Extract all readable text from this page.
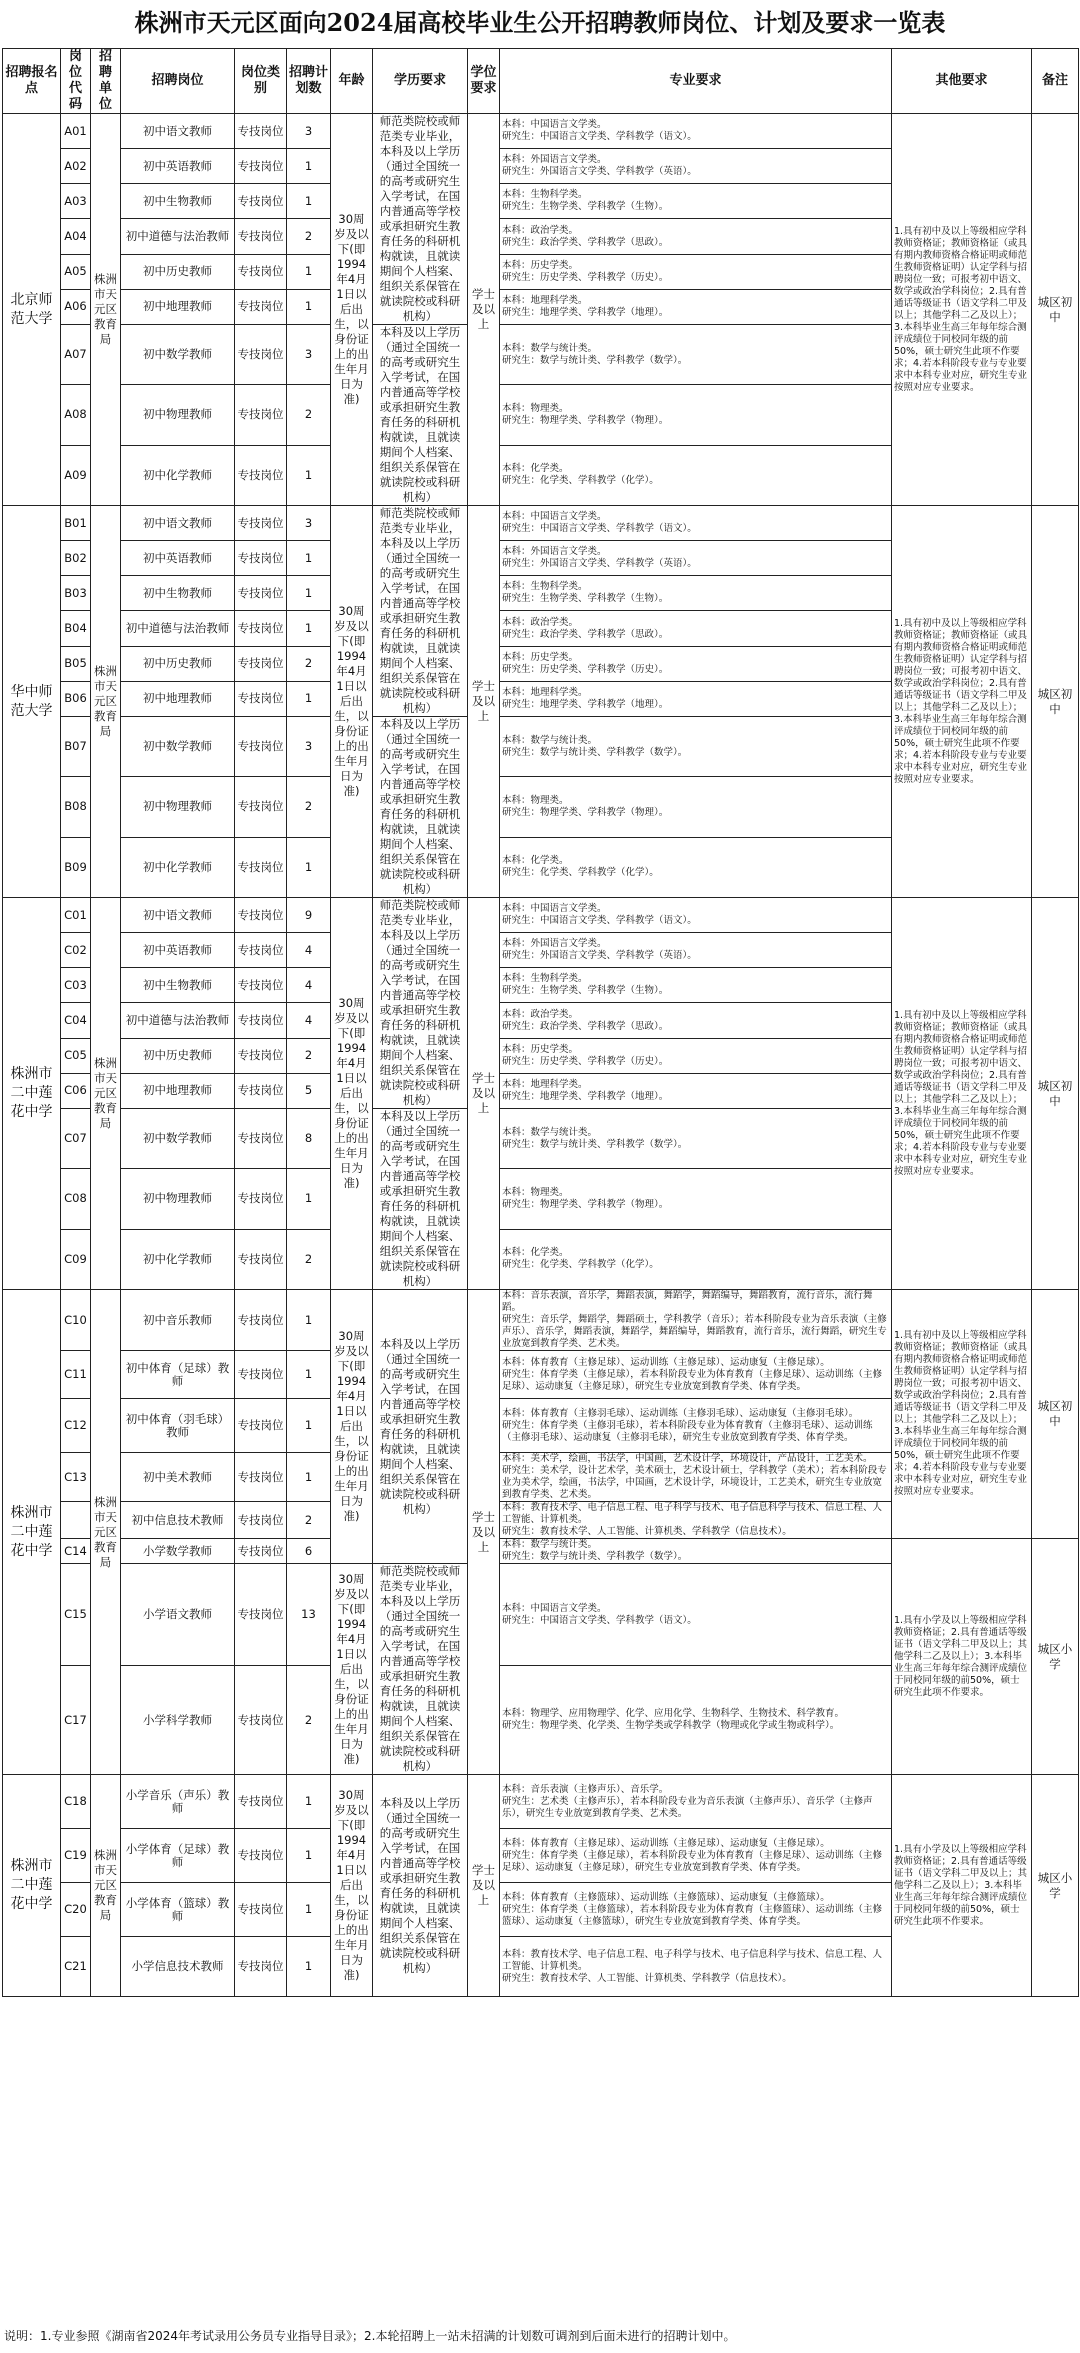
株洲市天元区面向2024届高校毕业生公开招聘教师岗位、计划及要求一览表
招聘报名点	岗位代码	招聘单位	招聘岗位	岗位类别	招聘计划数	年龄	学历要求	学位要求	专业要求	其他要求	备注
北京师范大学	A01	株洲市天元区教育局	初中语文教师	专技岗位	3	30周岁及以下(即1994年4月1日以后出生，以身份证上的出生年月日为准)	师范类院校或师范类专业毕业，本科及以上学历（通过全国统一的高考或研究生入学考试，在国内普通高等学校或承担研究生教育任务的科研机构就读，且就读期间个人档案、组织关系保管在就读院校或科研机构）	学士及以上	本科：中国语言文学类。
研究生：中国语言文学类、学科教学（语文）。	1.具有初中及以上等级相应学科教师资格证；教师资格证（或具有期内教师资格合格证明或师范生教师资格证明）认定学科与招聘岗位一致；可报考初中语文、数学或政治学科岗位；2.具有普通话等级证书（语文学科二甲及以上；其他学科二乙及以上）；3.本科毕业生高三年每年综合测评成绩位于同校同年级的前50%，硕士研究生此项不作要求；4.若本科阶段专业与专业要求中本科专业对应，研究生专业按照对应专业要求。	城区初中
	A02		初中英语教师	专技岗位	1				本科：外国语言文学类。
研究生：外国语言文学类、学科教学（英语）。		
	A03		初中生物教师	专技岗位	1				本科：生物科学类。
研究生：生物学类、学科教学（生物）。		
	A04		初中道德与法治教师	专技岗位	2				本科：政治学类。
研究生：政治学类、学科教学（思政）。		
	A05		初中历史教师	专技岗位	1				本科：历史学类。
研究生：历史学类、学科教学（历史）。		
	A06		初中地理教师	专技岗位	1				本科：地理科学类。
研究生：地理学类、学科教学（地理）。		
	A07		初中数学教师	专技岗位	3		本科及以上学历（通过全国统一的高考或研究生入学考试，在国内普通高等学校或承担研究生教育任务的科研机构就读，且就读期间个人档案、组织关系保管在就读院校或科研机构）		本科：数学与统计类。
研究生：数学与统计类、学科教学（数学）。		
	A08		初中物理教师	专技岗位	2				本科：物理类。
研究生：物理学类、学科教学（物理）。		
	A09		初中化学教师	专技岗位	1				本科：化学类。
研究生：化学类、学科教学（化学）。		
华中师范大学	B01	株洲市天元区教育局	初中语文教师	专技岗位	3	30周岁及以下(即1994年4月1日以后出生，以身份证上的出生年月日为准)	师范类院校或师范类专业毕业，本科及以上学历（通过全国统一的高考或研究生入学考试，在国内普通高等学校或承担研究生教育任务的科研机构就读，且就读期间个人档案、组织关系保管在就读院校或科研机构）	学士及以上	本科：中国语言文学类。
研究生：中国语言文学类、学科教学（语文）。	1.具有初中及以上等级相应学科教师资格证；教师资格证（或具有期内教师资格合格证明或师范生教师资格证明）认定学科与招聘岗位一致；可报考初中语文、数学或政治学科岗位；2.具有普通话等级证书（语文学科二甲及以上；其他学科二乙及以上）；3.本科毕业生高三年每年综合测评成绩位于同校同年级的前50%，硕士研究生此项不作要求；4.若本科阶段专业与专业要求中本科专业对应，研究生专业按照对应专业要求。	城区初中
	B02		初中英语教师	专技岗位	1				本科：外国语言文学类。
研究生：外国语言文学类、学科教学（英语）。		
	B03		初中生物教师	专技岗位	1				本科：生物科学类。
研究生：生物学类、学科教学（生物）。		
	B04		初中道德与法治教师	专技岗位	1				本科：政治学类。
研究生：政治学类、学科教学（思政）。		
	B05		初中历史教师	专技岗位	2				本科：历史学类。
研究生：历史学类、学科教学（历史）。		
	B06		初中地理教师	专技岗位	1				本科：地理科学类。
研究生：地理学类、学科教学（地理）。		
	B07		初中数学教师	专技岗位	3		本科及以上学历（通过全国统一的高考或研究生入学考试，在国内普通高等学校或承担研究生教育任务的科研机构就读，且就读期间个人档案、组织关系保管在就读院校或科研机构）		本科：数学与统计类。
研究生：数学与统计类、学科教学（数学）。		
	B08		初中物理教师	专技岗位	2				本科：物理类。
研究生：物理学类、学科教学（物理）。		
	B09		初中化学教师	专技岗位	1				本科：化学类。
研究生：化学类、学科教学（化学）。		
株洲市二中莲花中学	C01	株洲市天元区教育局	初中语文教师	专技岗位	9	30周岁及以下(即1994年4月1日以后出生，以身份证上的出生年月日为准)	师范类院校或师范类专业毕业，本科及以上学历（通过全国统一的高考或研究生入学考试，在国内普通高等学校或承担研究生教育任务的科研机构就读，且就读期间个人档案、组织关系保管在就读院校或科研机构）	学士及以上	本科：中国语言文学类。
研究生：中国语言文学类、学科教学（语文）。	1.具有初中及以上等级相应学科教师资格证；教师资格证（或具有期内教师资格合格证明或师范生教师资格证明）认定学科与招聘岗位一致；可报考初中语文、数学或政治学科岗位；2.具有普通话等级证书（语文学科二甲及以上；其他学科二乙及以上）；3.本科毕业生高三年每年综合测评成绩位于同校同年级的前50%，硕士研究生此项不作要求；4.若本科阶段专业与专业要求中本科专业对应，研究生专业按照对应专业要求。	城区初中
	C02		初中英语教师	专技岗位	4				本科：外国语言文学类。
研究生：外国语言文学类、学科教学（英语）。		
	C03		初中生物教师	专技岗位	4				本科：生物科学类。
研究生：生物学类、学科教学（生物）。		
	C04		初中道德与法治教师	专技岗位	4				本科：政治学类。
研究生：政治学类、学科教学（思政）。		
	C05		初中历史教师	专技岗位	2				本科：历史学类。
研究生：历史学类、学科教学（历史）。		
	C06		初中地理教师	专技岗位	5				本科：地理科学类。
研究生：地理学类、学科教学（地理）。		
	C07		初中数学教师	专技岗位	8		本科及以上学历（通过全国统一的高考或研究生入学考试，在国内普通高等学校或承担研究生教育任务的科研机构就读，且就读期间个人档案、组织关系保管在就读院校或科研机构）		本科：数学与统计类。
研究生：数学与统计类、学科教学（数学）。		
	C08		初中物理教师	专技岗位	1				本科：物理类。
研究生：物理学类、学科教学（物理）。		
	C09		初中化学教师	专技岗位	2				本科：化学类。
研究生：化学类、学科教学（化学）。		
株洲市二中莲花中学	C10	株洲市天元区教育局	初中音乐教师	专技岗位	1	30周岁及以下(即1994年4月1日以后出生，以身份证上的出生年月日为准)	本科及以上学历（通过全国统一的高考或研究生入学考试，在国内普通高等学校或承担研究生教育任务的科研机构就读，且就读期间个人档案、组织关系保管在就读院校或科研机构）	学士及以上	本科：音乐表演，音乐学，舞蹈表演，舞蹈学，舞蹈编导，舞蹈教育，流行音乐，流行舞蹈。
研究生：音乐学，舞蹈学，舞蹈硕士，学科教学（音乐）；若本科阶段专业为音乐表演（主修声乐）、音乐学，舞蹈表演，舞蹈学，舞蹈编导，舞蹈教育，流行音乐，流行舞蹈，研究生专业放宽到教育学类、艺术类。	1.具有初中及以上等级相应学科教师资格证；教师资格证（或具有期内教师资格合格证明或师范生教师资格证明）认定学科与招聘岗位一致；可报考初中语文、数学或政治学科岗位；2.具有普通话等级证书（语文学科二甲及以上；其他学科二乙及以上）；3.本科毕业生高三年每年综合测评成绩位于同校同年级的前50%，硕士研究生此项不作要求；4.若本科阶段专业与专业要求中本科专业对应，研究生专业按照对应专业要求。	城区初中
	C11		初中体育（足球）教师	专技岗位	1				本科：体育教育（主修足球）、运动训练（主修足球）、运动康复（主修足球）。
研究生：体育学类（主修足球），若本科阶段专业为体育教育（主修足球）、运动训练（主修足球）、运动康复（主修足球），研究生专业放宽到教育学类、体育学类。		
	C12		初中体育（羽毛球）教师	专技岗位	1				本科：体育教育（主修羽毛球）、运动训练（主修羽毛球）、运动康复（主修羽毛球）。
研究生：体育学类（主修羽毛球），若本科阶段专业为体育教育（主修羽毛球）、运动训练（主修羽毛球）、运动康复（主修羽毛球），研究生专业放宽到教育学类、体育学类。		
	C13		初中美术教师	专技岗位	1				本科：美术学，绘画，书法学，中国画，艺术设计学，环境设计，产品设计，工艺美术。
研究生：美术学，设计艺术学，美术硕士，艺术设计硕士，学科教学（美术）；若本科阶段专业为美术学，绘画，书法学，中国画，艺术设计学，环境设计，工艺美术，研究生专业放宽到教育学类、艺术类。		
			初中信息技术教师	专技岗位	2				本科：教育技术学、电子信息工程、电子科学与技术、电子信息科学与技术、信息工程、人工智能、计算机类。
研究生：教育技术学、人工智能、计算机类、学科教学（信息技术）。		
	C14		小学数学教师	专技岗位	6				本科：数学与统计类。
研究生：数学与统计类、学科教学（数学）。	1.具有小学及以上等级相应学科教师资格证；2.具有普通话等级证书（语文学科二甲及以上；其他学科二乙及以上）；3.本科毕业生高三年每年综合测评成绩位于同校同年级的前50%，硕士研究生此项不作要求。	城区小学
	C15		小学语文教师	专技岗位	13	30周岁及以下(即1994年4月1日以后出生，以身份证上的出生年月日为准)	师范类院校或师范类专业毕业，本科及以上学历（通过全国统一的高考或研究生入学考试，在国内普通高等学校或承担研究生教育任务的科研机构就读，且就读期间个人档案、组织关系保管在就读院校或科研机构）		本科：中国语言文学类。
研究生：中国语言文学类、学科教学（语文）。		
	C17		小学科学教师	专技岗位	2				本科：物理学、应用物理学、化学、应用化学、生物科学、生物技术、科学教育。
研究生：物理学类、化学类、生物学类或学科教学（物理或化学或生物或科学）。		
株洲市二中莲花中学	C18	株洲市天元区教育局	小学音乐（声乐）教师	专技岗位	1	30周岁及以下(即1994年4月1日以后出生，以身份证上的出生年月日为准)	本科及以上学历（通过全国统一的高考或研究生入学考试，在国内普通高等学校或承担研究生教育任务的科研机构就读，且就读期间个人档案、组织关系保管在就读院校或科研机构）	学士及以上	本科：音乐表演（主修声乐）、音乐学。
研究生：艺术类（主修声乐），若本科阶段专业为音乐表演（主修声乐）、音乐学（主修声乐），研究生专业放宽到教育学类、艺术类。	1.具有小学及以上等级相应学科教师资格证；2.具有普通话等级证书（语文学科二甲及以上；其他学科二乙及以上）；3.本科毕业生高三年每年综合测评成绩位于同校同年级的前50%，硕士研究生此项不作要求。	城区小学
	C19		小学体育（足球）教师	专技岗位	1				本科：体育教育（主修足球）、运动训练（主修足球）、运动康复（主修足球）。
研究生：体育学类（主修足球），若本科阶段专业为体育教育（主修足球）、运动训练（主修足球）、运动康复（主修足球），研究生专业放宽到教育学类、体育学类。		
	C20		小学体育（篮球）教师	专技岗位	1				本科：体育教育（主修篮球）、运动训练（主修篮球）、运动康复（主修篮球）。
研究生：体育学类（主修篮球），若本科阶段专业为体育教育（主修篮球）、运动训练（主修篮球）、运动康复（主修篮球），研究生专业放宽到教育学类、体育学类。		
	C21		小学信息技术教师	专技岗位	1				本科：教育技术学、电子信息工程、电子科学与技术、电子信息科学与技术、信息工程、人工智能、计算机类。
研究生：教育技术学、人工智能、计算机类、学科教学（信息技术）。		
说明：1.专业参照《湖南省2024年考试录用公务员专业指导目录》；2.本轮招聘上一站未招满的计划数可调剂到后面未进行的招聘计划中。
